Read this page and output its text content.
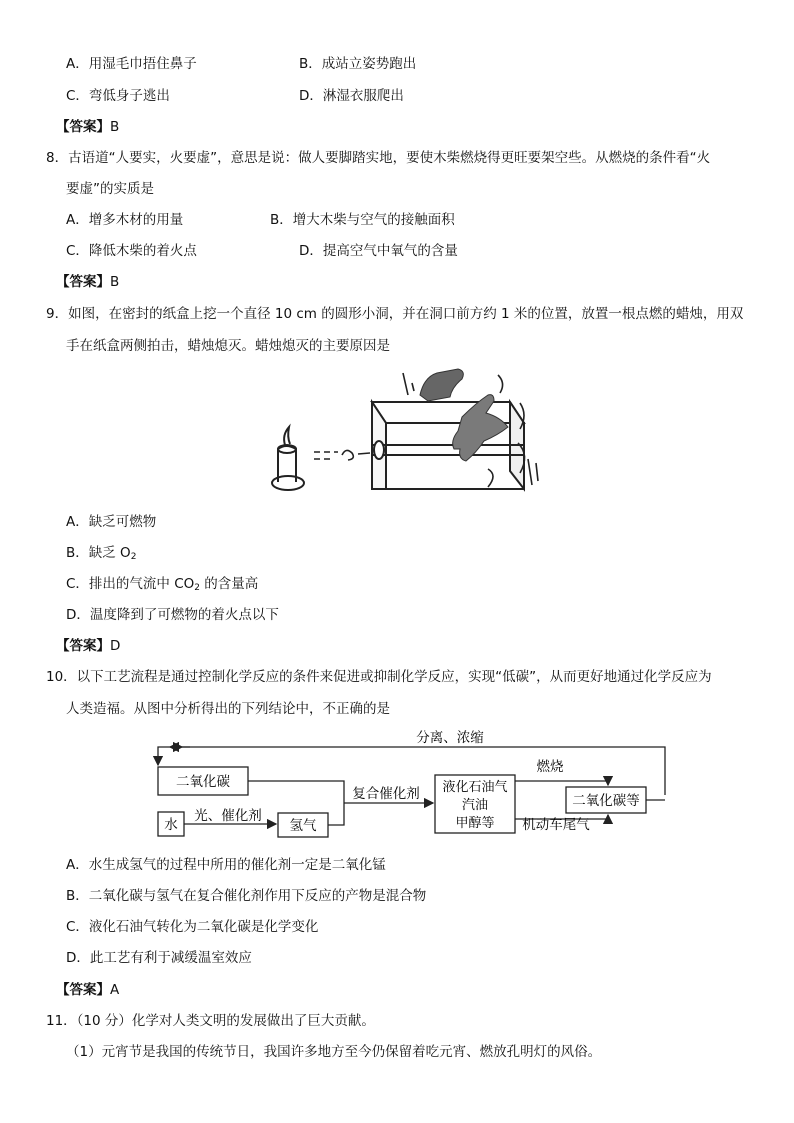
A．用湿毛巾捂住鼻子	B．成站立姿势跑出
C．弯低身子逃出	D．淋湿衣服爬出
【答案】B
8．古语道“人要实，火要虚”，意思是说：做人要脚踏实地，要使木柴燃烧得更旺要架空些。从燃烧的条件看“火
要虚”的实质是
A．增多木材的用量	B．增大木柴与空气的接触面积
C．降低木柴的着火点	D．提高空气中氧气的含量
【答案】B
9．如图，在密封的纸盒上挖一个直径 10 cm 的圆形小洞，并在洞口前方约 1 米的位置，放置一根点燃的蜡烛，用双
手在纸盒两侧拍击，蜡烛熄灭。蜡烛熄灭的主要原因是
A．缺乏可燃物
B．缺乏 $O_2$
C．排出的气流中 $CO_2$ 的含量高
D．温度降到了可燃物的着火点以下
【答案】D
10．以下工艺流程是通过控制化学反应的条件来促进或抑制化学反应，实现“低碳”，从而更好地通过化学反应为
人类造福。从图中分析得出的下列结论中，不正确的是
分离、浓缩
二氧化碳
水
光、催化剂
氢气
复合催化剂 液化石油气
汽油
甲醇等
燃烧
机动车尾气
二氧化碳等
A．水生成氢气的过程中所用的催化剂一定是二氧化锰
B．二氧化碳与氢气在复合催化剂作用下反应的产物是混合物
C．液化石油气转化为二氧化碳是化学变化
D．此工艺有利于减缓温室效应
【答案】A
11．（10 分）化学对人类文明的发展做出了巨大贡献。
（1）元宵节是我国的传统节日，我国许多地方至今仍保留着吃元宵、燃放孔明灯的风俗。
